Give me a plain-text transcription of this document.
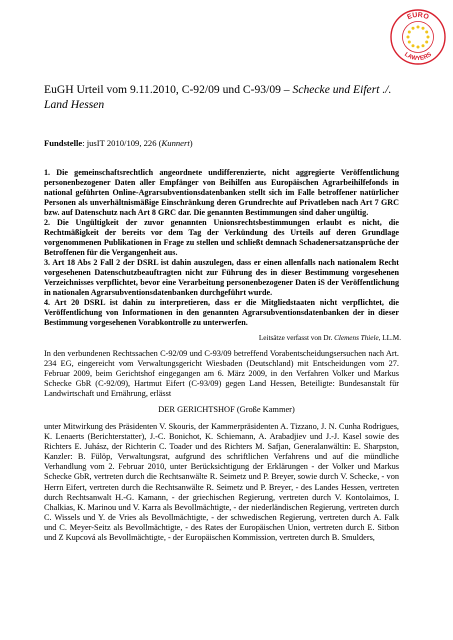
EURO
LAWYERS
EuGH Urteil vom 9.11.2010, C-92/09 und C-93/09 – Schecke und Eifert ./. Land Hessen
Fundstelle: jusIT 2010/109, 226 (Kunnert)

1. Die gemeinschaftsrechtlich angeordnete undifferenzierte, nicht aggregierte Veröffentlichung personenbezogener Daten aller Empfänger von Beihilfen aus Europäischen Agrarbeihilfefonds in national geführten Online-Agrarsubventionsdatenbanken stellt sich im Falle betroffener natürlicher Personen als unverhältnismäßige Einschränkung deren Grundrechte auf Privatleben nach Art 7 GRC bzw. auf Datenschutz nach Art 8 GRC dar. Die genannten Bestimmungen sind daher ungültig.

2. Die Ungültigkeit der zuvor genannten Unionsrechtsbestimmungen erlaubt es nicht, die Rechtmäßigkeit der bereits vor dem Tag der Verkündung des Urteils auf deren Grundlage vorgenommenen Publikationen in Frage zu stellen und schließt demnach Schadenersatzansprüche der Betroffenen für die Vergangenheit aus.

3. Art 18 Abs 2 Fall 2 der DSRL ist dahin auszulegen, dass er einen allenfalls nach nationalem Recht vorgesehenen Datenschutzbeauftragten nicht zur Führung des in dieser Bestimmung vorgesehenen Verzeichnisses verpflichtet, bevor eine Verarbeitung personenbezogener Daten iS der Veröffentlichung in nationalen Agrarsubventionsdatenbanken durchgeführt wurde.

4. Art 20 DSRL ist dahin zu interpretieren, dass er die Mitgliedstaaten nicht verpflichtet, die Veröffentlichung von Informationen in den genannten Agrarsubventionsdatenbanken der in dieser Bestimmung vorgesehenen Vorabkontrolle zu unterwerfen.

Leitsätze verfasst von Dr. Clemens Thiele, LL.M.
In den verbundenen Rechtssachen C-92/09 und C-93/09 betreffend Vorabentscheidungsersuchen nach Art. 234 EG, eingereicht vom Verwaltungsgericht Wiesbaden (Deutschland) mit Entscheidungen vom 27. Februar 2009, beim Gerichtshof eingegangen am 6. März 2009, in den Verfahren Volker und Markus Schecke GbR (C-92/09), Hartmut Eifert (C-93/09) gegen Land Hessen, Beteiligte: Bundesanstalt für Landwirtschaft und Ernährung, erlässt
DER GERICHTSHOF (Große Kammer)
unter Mitwirkung des Präsidenten V. Skouris, der Kammerpräsidenten A. Tizzano, J. N. Cunha Rodrigues, K. Lenaerts (Berichterstatter), J.-C. Bonichot, K. Schiemann, A. Arabadjiev und J.-J. Kasel sowie des Richters E. Juhász, der Richterin C. Toader und des Richters M. Safjan, Generalanwältin: E. Sharpston, Kanzler: B. Fülöp, Verwaltungsrat, aufgrund des schriftlichen Verfahrens und auf die mündliche Verhandlung vom 2. Februar 2010, unter Berücksichtigung der Erklärungen - der Volker und Markus Schecke GbR, vertreten durch die Rechtsanwälte R. Seimetz und P. Breyer, sowie durch V. Schecke, - von Herrn Eifert, vertreten durch die Rechtsanwälte R. Seimetz und P. Breyer, - des Landes Hessen, vertreten durch Rechtsanwalt H.-G. Kamann, - der griechischen Regierung, vertreten durch V. Kontolaimos, I. Chalkias, K. Marinou und V. Karra als Bevollmächtigte, - der niederländischen Regierung, vertreten durch C. Wissels und Y. de Vries als Bevollmächtigte, - der schwedischen Regierung, vertreten durch A. Falk und C. Meyer-Seitz als Bevollmächtigte, - des Rates der Europäischen Union, vertreten durch E. Sitbon und Z Kupcová als Bevollmächtigte, - der Europäischen Kommission, vertreten durch B. Smulders,
